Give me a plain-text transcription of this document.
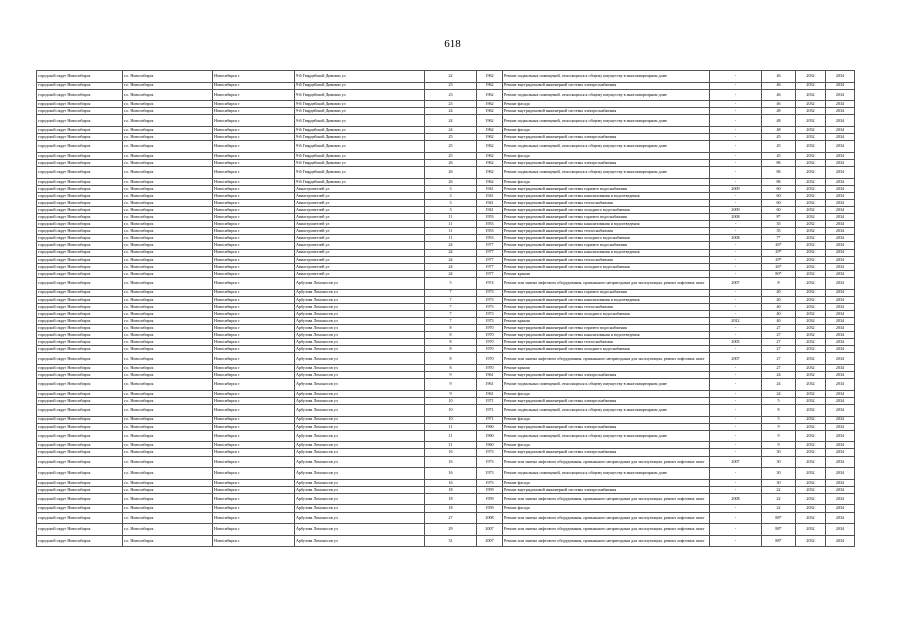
618
городской округ Новосибирск	г.о. Новосибирск	Новосибирск г	9-й Гвардейской Дивизии ул	22	1962	Ремонт подвальных помещений, относящихся к общему имуществу в многоквартирном доме	-	46	2032	2034
городской округ Новосибирск	г.о. Новосибирск	Новосибирск г	9-й Гвардейской Дивизии ул	23	1962	Ремонт внутридомовой инженерной системы электроснабжения	-	46	2032	2034
городской округ Новосибирск	г.о. Новосибирск	Новосибирск г	9-й Гвардейской Дивизии ул	23	1962	Ремонт подвальных помещений, относящихся к общему имуществу в многоквартирном доме	-	46	2032	2034
городской округ Новосибирск	г.о. Новосибирск	Новосибирск г	9-й Гвардейской Дивизии ул	23	1962	Ремонт фасада	-	46	2032	2034
городской округ Новосибирск	г.о. Новосибирск	Новосибирск г	9-й Гвардейской Дивизии ул	24	1962	Ремонт внутридомовой инженерной системы электроснабжения	-	48	2032	2034
городской округ Новосибирск	г.о. Новосибирск	Новосибирск г	9-й Гвардейской Дивизии ул	24	1962	Ремонт подвальных помещений, относящихся к общему имуществу в многоквартирном доме	-	48	2032	2034
городской округ Новосибирск	г.о. Новосибирск	Новосибирск г	9-й Гвардейской Дивизии ул	24	1962	Ремонт фасада	-	48	2032	2034
городской округ Новосибирск	г.о. Новосибирск	Новосибирск г	9-й Гвардейской Дивизии ул	25	1962	Ремонт внутридомовой инженерной системы электроснабжения	-	45	2032	2034
городской округ Новосибирск	г.о. Новосибирск	Новосибирск г	9-й Гвардейской Дивизии ул	25	1962	Ремонт подвальных помещений, относящихся к общему имуществу в многоквартирном доме	-	45	2032	2034
городской округ Новосибирск	г.о. Новосибирск	Новосибирск г	9-й Гвардейской Дивизии ул	25	1962	Ремонт фасада	-	45	2032	2034
городской округ Новосибирск	г.о. Новосибирск	Новосибирск г	9-й Гвардейской Дивизии ул	26	1962	Ремонт внутридомовой инженерной системы электроснабжения	-	86	2032	2034
городской округ Новосибирск	г.о. Новосибирск	Новосибирск г	9-й Гвардейской Дивизии ул	26	1962	Ремонт подвальных помещений, относящихся к общему имуществу в многоквартирном доме	-	86	2032	2034
городской округ Новосибирск	г.о. Новосибирск	Новосибирск г	9-й Гвардейской Дивизии ул	26	1962	Ремонт фасада	-	86	2032	2034
городской округ Новосибирск	г.о. Новосибирск	Новосибирск г	Авиастроителей ул	3	1941	Ремонт внутридомовой инженерной системы горячего водоснабжения	2009	60	2032	2034
городской округ Новосибирск	г.о. Новосибирск	Новосибирск г	Авиастроителей ул	3	1941	Ремонт внутридомовой инженерной системы канализования и водоотведения	-	60	2032	2034
городской округ Новосибирск	г.о. Новосибирск	Новосибирск г	Авиастроителей ул	3	1941	Ремонт внутридомовой инженерной системы теплоснабжения	-	60	2032	2034
городской округ Новосибирск	г.о. Новосибирск	Новосибирск г	Авиастроителей ул	3	1941	Ремонт внутридомовой инженерной системы холодного водоснабжения	2009	60	2032	2034
городской округ Новосибирск	г.о. Новосибирск	Новосибирск г	Авиастроителей ул	11	1953	Ремонт внутридомовой инженерной системы горячего водоснабжения	2008	8*	2032	2034
городской округ Новосибирск	г.о. Новосибирск	Новосибирск г	Авиастроителей ул	11	1953	Ремонт внутридомовой инженерной системы канализования и водоотведения	-	35	2032	2034
городской округ Новосибирск	г.о. Новосибирск	Новосибирск г	Авиастроителей ул	11	1953	Ремонт внутридомовой инженерной системы теплоснабжения	-	35	2032	2034
городской округ Новосибирск	г.о. Новосибирск	Новосибирск г	Авиастроителей ул	11	1953	Ремонт внутридомовой инженерной системы холодного водоснабжения	2008	7*	2032	2034
городской округ Новосибирск	г.о. Новосибирск	Новосибирск г	Авиастроителей ул	24	1977	Ремонт внутридомовой инженерной системы горячего водоснабжения	-	26*	2032	2034
городской округ Новосибирск	г.о. Новосибирск	Новосибирск г	Авиастроителей ул	24	1977	Ремонт внутридомовой инженерной системы канализования и водоотведения	-	29*	2032	2034
городской округ Новосибирск	г.о. Новосибирск	Новосибирск г	Авиастроителей ул	24	1977	Ремонт внутридомовой инженерной системы теплоснабжения	-	29*	2032	2034
городской округ Новосибирск	г.о. Новосибирск	Новосибирск г	Авиастроителей ул	24	1977	Ремонт внутридомовой инженерной системы холодного водоснабжения	-	26*	2032	2034
городской округ Новосибирск	г.о. Новосибирск	Новосибирск г	Авиастроителей ул	24	1977	Ремонт крыши	-	80*	2032	2034
городской округ Новосибирск	г.о. Новосибирск	Новосибирск г	Арбузова Ломоносов ул	5	1974	Ремонт или замена лифтового оборудования, признанного непригодным для эксплуатации, ремонт лифтовых шахт	2007	8	2032	2034
городской округ Новосибирск	г.о. Новосибирск	Новосибирск г	Арбузова Ломоносов ул	7	1973	Ремонт внутридомовой инженерной системы горячего водоснабжения	-	40	2032	2034
городской округ Новосибирск	г.о. Новосибирск	Новосибирск г	Арбузова Ломоносов ул	7	1973	Ремонт внутридомовой инженерной системы канализования и водоотведения	-	40	2032	2034
городской округ Новосибирск	г.о. Новосибирск	Новосибирск г	Арбузова Ломоносов ул	7	1973	Ремонт внутридомовой инженерной системы теплоснабжения	-	40	2032	2034
городской округ Новосибирск	г.о. Новосибирск	Новосибирск г	Арбузова Ломоносов ул	7	1973	Ремонт внутридомовой инженерной системы холодного водоснабжения	-	40	2032	2034
городской округ Новосибирск	г.о. Новосибирск	Новосибирск г	Арбузова Ломоносов ул	7	1973	Ремонт крыши	2012	40	2032	2034
городской округ Новосибирск	г.о. Новосибирск	Новосибирск г	Арбузова Ломоносов ул	8	1970	Ремонт внутридомовой инженерной системы горячего водоснабжения	-	27	2032	2034
городской округ Новосибирск	г.о. Новосибирск	Новосибирск г	Арбузова Ломоносов ул	8	1970	Ремонт внутридомовой инженерной системы канализования и водоотведения	-	27	2032	2034
городской округ Новосибирск	г.о. Новосибирск	Новосибирск г	Арбузова Ломоносов ул	8	1970	Ремонт внутридомовой инженерной системы теплоснабжения	2005	27	2032	2034
городской округ Новосибирск	г.о. Новосибирск	Новосибирск г	Арбузова Ломоносов ул	8	1970	Ремонт внутридомовой инженерной системы холодного водоснабжения	-	27	2032	2034
городской округ Новосибирск	г.о. Новосибирск	Новосибирск г	Арбузова Ломоносов ул	8	1970	Ремонт или замена лифтового оборудования, признанного непригодным для эксплуатации, ремонт лифтовых шахт	2007	27	2032	2034
городской округ Новосибирск	г.о. Новосибирск	Новосибирск г	Арбузова Ломоносов ул	8	1970	Ремонт крыши	-	27	2032	2034
городской округ Новосибирск	г.о. Новосибирск	Новосибирск г	Арбузова Ломоносов ул	9	1961	Ремонт внутридомовой инженерной системы электроснабжения	-	24	2032	2034
городской округ Новосибирск	г.о. Новосибирск	Новосибирск г	Арбузова Ломоносов ул	9	1961	Ремонт подвальных помещений, относящихся к общему имуществу в многоквартирном доме	-	24	2032	2034
городской округ Новосибирск	г.о. Новосибирск	Новосибирск г	Арбузова Ломоносов ул	9	1961	Ремонт фасада	-	24	2032	2034
городской округ Новосибирск	г.о. Новосибирск	Новосибирск г	Арбузова Ломоносов ул	10	1971	Ремонт внутридомовой инженерной системы электроснабжения	-	5	2032	2034
городской округ Новосибирск	г.о. Новосибирск	Новосибирск г	Арбузова Ломоносов ул	10	1971	Ремонт подвальных помещений, относящихся к общему имуществу в многоквартирном доме	-	8	2032	2034
городской округ Новосибирск	г.о. Новосибирск	Новосибирск г	Арбузова Ломоносов ул	10	1971	Ремонт фасада	-	5	2032	2034
городской округ Новосибирск	г.о. Новосибирск	Новосибирск г	Арбузова Ломоносов ул	11	1960	Ремонт внутридомовой инженерной системы электроснабжения	-	9	2032	2034
городской округ Новосибирск	г.о. Новосибирск	Новосибирск г	Арбузова Ломоносов ул	11	1960	Ремонт подвальных помещений, относящихся к общему имуществу в многоквартирном доме	-	9	2032	2034
городской округ Новосибирск	г.о. Новосибирск	Новосибирск г	Арбузова Ломоносов ул	11	1960	Ремонт фасада	-	9	2032	2034
городской округ Новосибирск	г.о. Новосибирск	Новосибирск г	Арбузова Ломоносов ул	16	1973	Ремонт внутридомовой инженерной системы электроснабжения	-	30	2032	2034
городской округ Новосибирск	г.о. Новосибирск	Новосибирск г	Арбузова Ломоносов ул	16	1973	Ремонт или замена лифтового оборудования, признанного непригодным для эксплуатации, ремонт лифтовых шахт	2007	30	2032	2034
городской округ Новосибирск	г.о. Новосибирск	Новосибирск г	Арбузова Ломоносов ул	16	1973	Ремонт подвальных помещений, относящихся к общему имуществу в многоквартирном доме	-	30	2032	2034
городской округ Новосибирск	г.о. Новосибирск	Новосибирск г	Арбузова Ломоносов ул	16	1973	Ремонт фасада	-	30	2032	2034
городской округ Новосибирск	г.о. Новосибирск	Новосибирск г	Арбузова Ломоносов ул	18	1959	Ремонт внутридомовой инженерной системы электроснабжения	-	22	2032	2034
городской округ Новосибирск	г.о. Новосибирск	Новосибирск г	Арбузова Ломоносов ул	18	1959	Ремонт или замена лифтового оборудования, признанного непригодным для эксплуатации, ремонт лифтовых шахт	2008	22	2032	2034
городской округ Новосибирск	г.о. Новосибирск	Новосибирск г	Арбузова Ломоносов ул	18	1959	Ремонт фасада	-	22	2032	2034
городской округ Новосибирск	г.о. Новосибирск	Новосибирск г	Арбузова Ломоносов ул	27	2008	Ремонт или замена лифтового оборудования, признанного непригодным для эксплуатации, ремонт лифтовых шахт	-	88*	2032	2034
городской округ Новосибирск	г.о. Новосибирск	Новосибирск г	Арбузова Ломоносов ул	29	2007	Ремонт или замена лифтового оборудования, признанного непригодным для эксплуатации, ремонт лифтовых шахт	-	88*	2032	2034
городской округ Новосибирск	г.о. Новосибирск	Новосибирск г	Арбузова Ломоносов ул	31	2007	Ремонт или замена лифтового оборудования, признанного непригодным для эксплуатации, ремонт лифтовых шахт	-	88*	2032	2034
